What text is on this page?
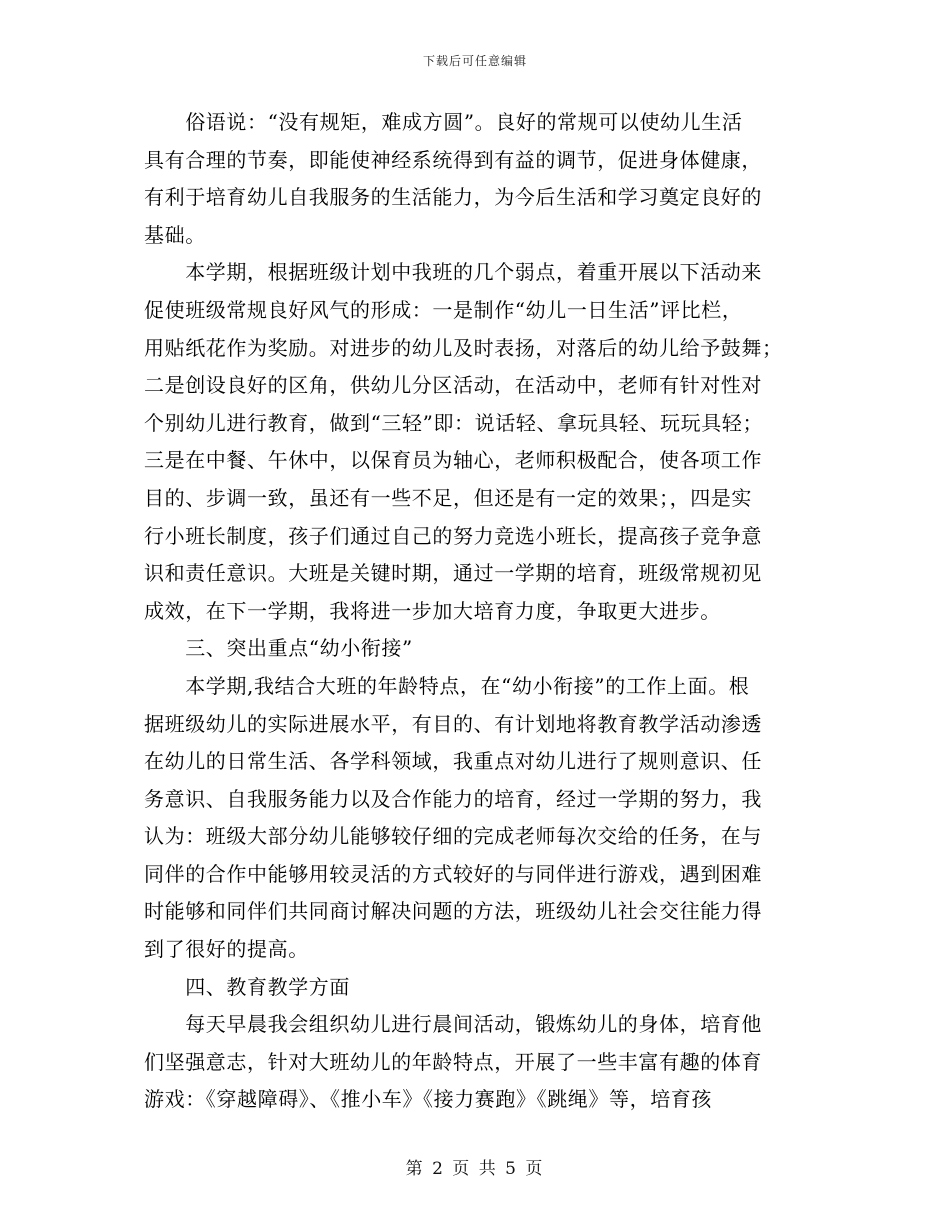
下载后可任意编辑
　　俗语说：“没有规矩，难成方圆”。良好的常规可以使幼儿生活
具有合理的节奏，即能使神经系统得到有益的调节，促进身体健康，
有利于培育幼儿自我服务的生活能力，为今后生活和学习奠定良好的
基础。
　　本学期，根据班级计划中我班的几个弱点，着重开展以下活动来
促使班级常规良好风气的形成：一是制作“幼儿一日生活”评比栏，
用贴纸花作为奖励。对进步的幼儿及时表扬，对落后的幼儿给予鼓舞；
二是创设良好的区角，供幼儿分区活动，在活动中，老师有针对性对
个别幼儿进行教育，做到“三轻”即：说话轻、拿玩具轻、玩玩具轻；
三是在中餐、午休中，以保育员为轴心，老师积极配合，使各项工作
目的、步调一致，虽还有一些不足，但还是有一定的效果；，四是实
行小班长制度，孩子们通过自己的努力竞选小班长，提高孩子竞争意
识和责任意识。大班是关键时期，通过一学期的培育，班级常规初见
成效，在下一学期，我将进一步加大培育力度，争取更大进步。
　　三、突出重点“幼小衔接”
　　本学期,我结合大班的年龄特点，在“幼小衔接”的工作上面。根
据班级幼儿的实际进展水平，有目的、有计划地将教育教学活动渗透
在幼儿的日常生活、各学科领域，我重点对幼儿进行了规则意识、任
务意识、自我服务能力以及合作能力的培育，经过一学期的努力，我
认为：班级大部分幼儿能够较仔细的完成老师每次交给的任务，在与
同伴的合作中能够用较灵活的方式较好的与同伴进行游戏，遇到困难
时能够和同伴们共同商讨解决问题的方法，班级幼儿社会交往能力得
到了很好的提高。
　　四、教育教学方面
　　每天早晨我会组织幼儿进行晨间活动，锻炼幼儿的身体，培育他
们坚强意志，针对大班幼儿的年龄特点，开展了一些丰富有趣的体育
游戏：《穿越障碍》、《推小车》《接力赛跑》《跳绳》等，培育孩
第 2 页 共 5 页
